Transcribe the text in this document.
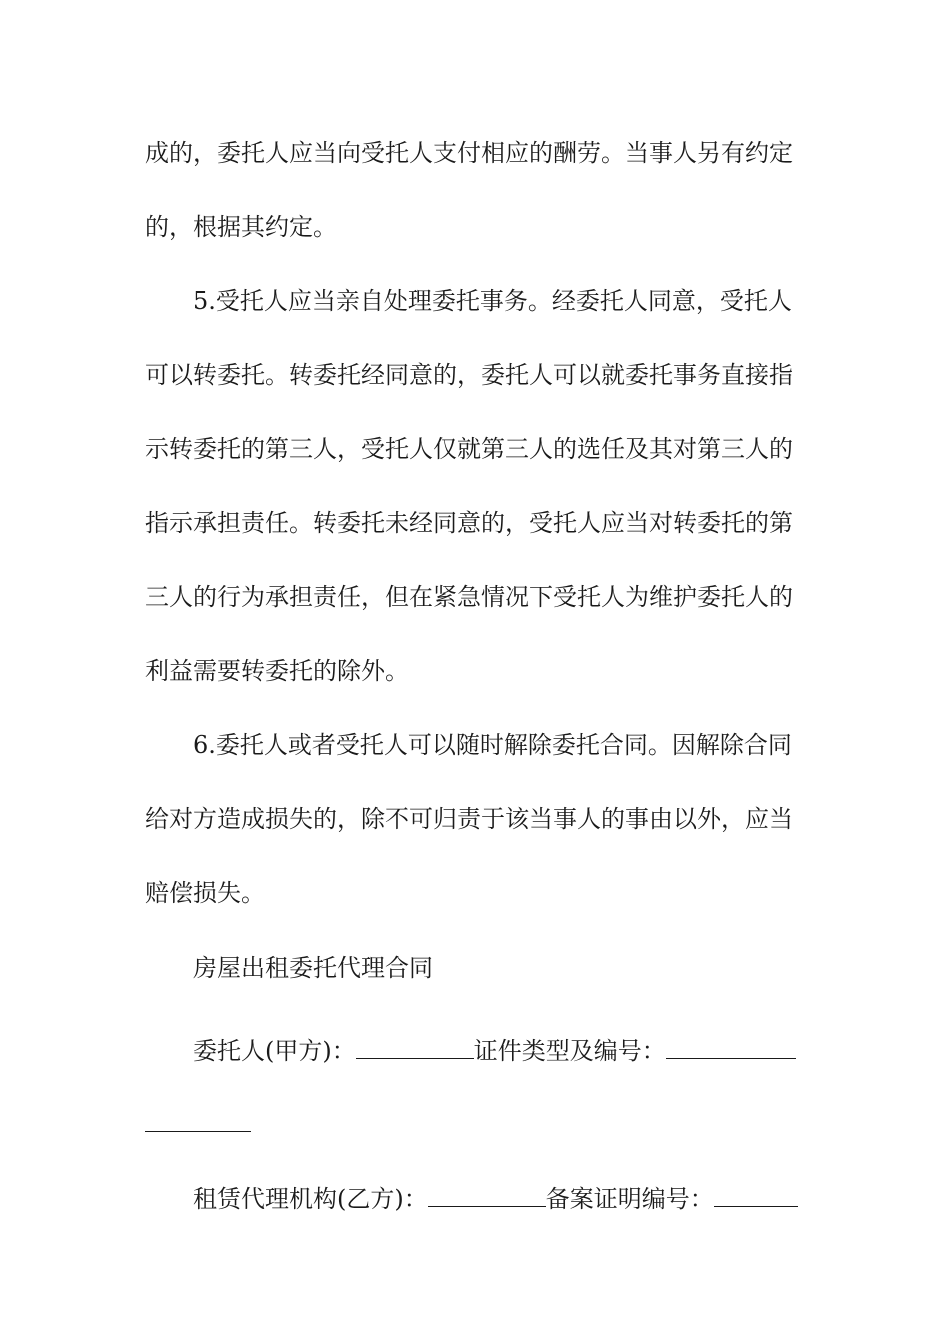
成的，委托人应当向受托人支付相应的酬劳。当事人另有约定
的，根据其约定。
5.受托人应当亲自处理委托事务。经委托人同意，受托人
可以转委托。转委托经同意的，委托人可以就委托事务直接指
示转委托的第三人，受托人仅就第三人的选任及其对第三人的
指示承担责任。转委托未经同意的，受托人应当对转委托的第
三人的行为承担责任，但在紧急情况下受托人为维护委托人的
利益需要转委托的除外。
6.委托人或者受托人可以随时解除委托合同。因解除合同
给对方造成损失的，除不可归责于该当事人的事由以外，应当
赔偿损失。
房屋出租委托代理合同
委托人(甲方)：	证件类型及编号：
租赁代理机构(乙方)：	备案证明编号：
